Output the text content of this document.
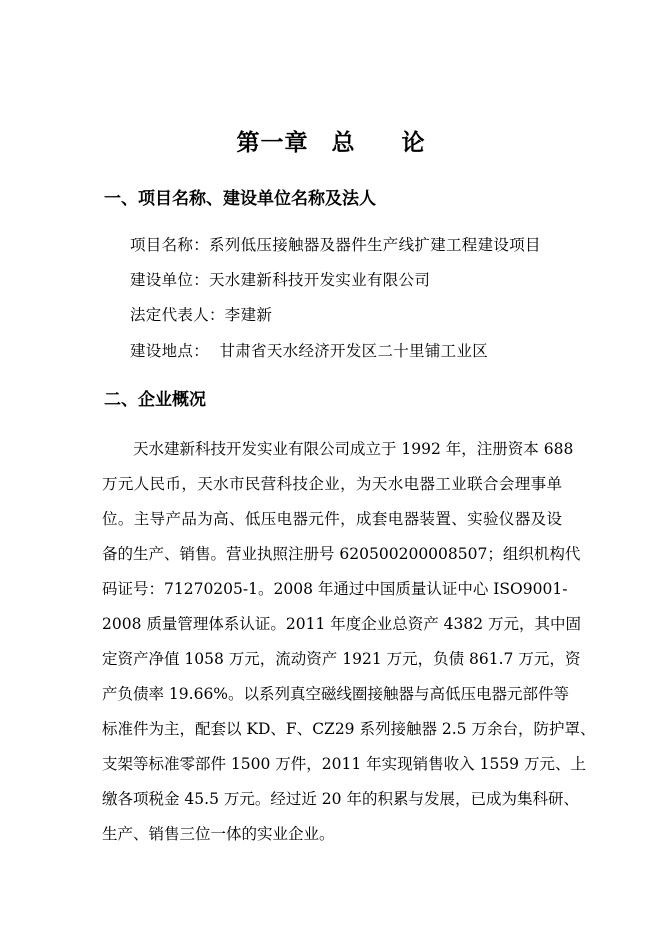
第一章 总  论
一、项目名称、建设单位名称及法人
项目名称：系列低压接触器及器件生产线扩建工程建设项目
建设单位：天水建新科技开发实业有限公司
法定代表人：李建新
建设地点：  甘肃省天水经济开发区二十里铺工业区
二、企业概况
天水建新科技开发实业有限公司成立于 1992 年，注册资本 688
万元人民币，天水市民营科技企业，为天水电器工业联合会理事单
位。主导产品为高、低压电器元件，成套电器装置、实验仪器及设
备的生产、销售。营业执照注册号 620500200008507；组织机构代
码证号：71270205-1。2008 年通过中国质量认证中心 ISO9001-
2008 质量管理体系认证。2011 年度企业总资产 4382 万元，其中固
定资产净值 1058 万元，流动资产 1921 万元，负债 861.7 万元，资
产负债率 19.66%。以系列真空磁线圈接触器与高低压电器元部件等
标准件为主，配套以 KD、F、CZ29 系列接触器 2.5 万余台，防护罩、
支架等标准零部件 1500 万件，2011 年实现销售收入 1559 万元、上
缴各项税金 45.5 万元。经过近 20 年的积累与发展，已成为集科研、
生产、销售三位一体的实业企业。
